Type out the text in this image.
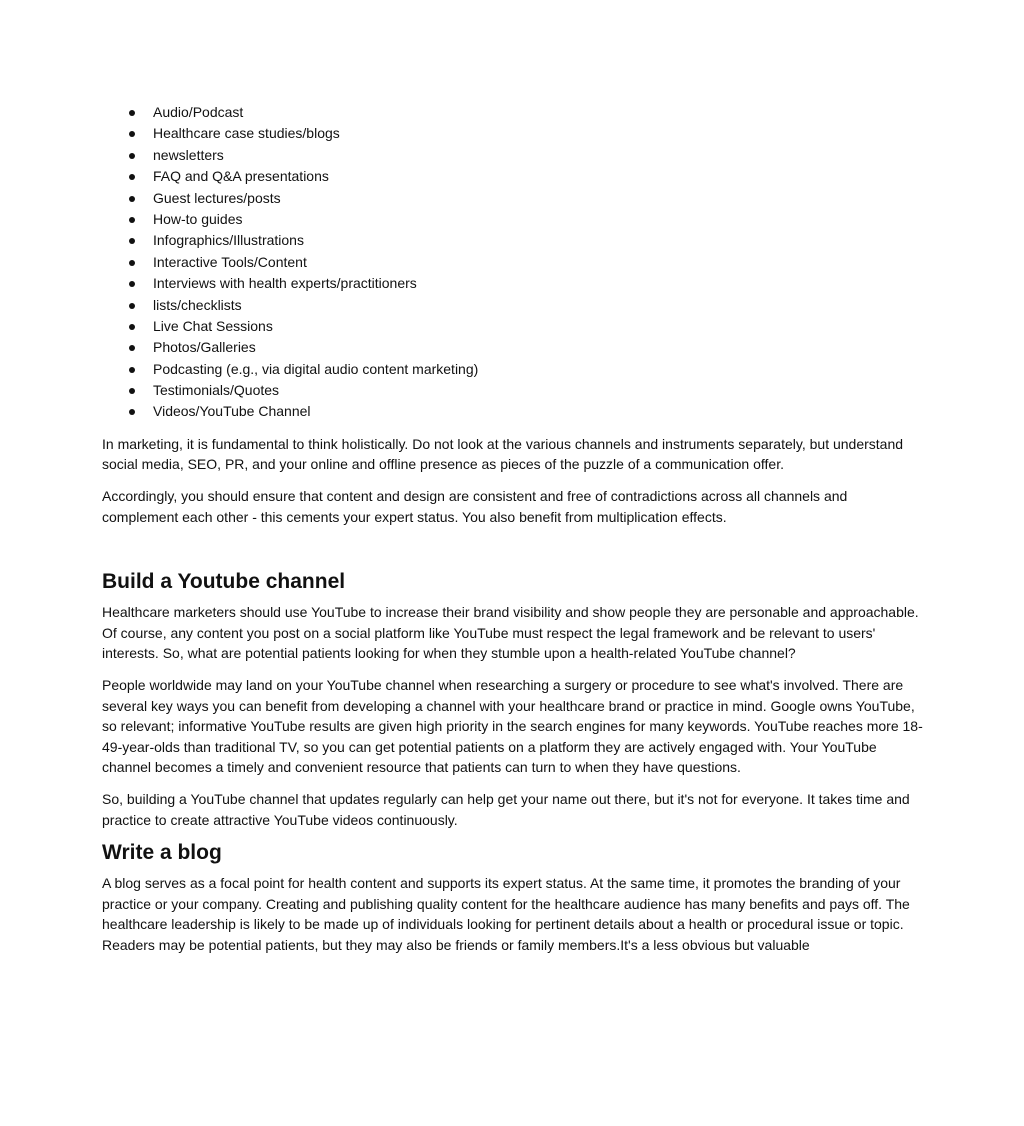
Audio/Podcast
Healthcare case studies/blogs
newsletters
FAQ and Q&A presentations
Guest lectures/posts
How-to guides
Infographics/Illustrations
Interactive Tools/Content
Interviews with health experts/practitioners
lists/checklists
Live Chat Sessions
Photos/Galleries
Podcasting (e.g., via digital audio content marketing)
Testimonials/Quotes
Videos/YouTube Channel

In marketing, it is fundamental to think holistically. Do not look at the various channels and instruments separately, but understand social media, SEO, PR, and your online and offline presence as pieces of the puzzle of a communication offer.

Accordingly, you should ensure that content and design are consistent and free of contradictions across all channels and complement each other - this cements your expert status. You also benefit from multiplication effects.

Build a Youtube channel

Healthcare marketers should use YouTube to increase their brand visibility and show people they are personable and approachable. Of course, any content you post on a social platform like YouTube must respect the legal framework and be relevant to users' interests. So, what are potential patients looking for when they stumble upon a health-related YouTube channel?

People worldwide may land on your YouTube channel when researching a surgery or procedure to see what's involved. There are several key ways you can benefit from developing a channel with your healthcare brand or practice in mind. Google owns YouTube, so relevant; informative YouTube results are given high priority in the search engines for many keywords. YouTube reaches more 18-49-year-olds than traditional TV, so you can get potential patients on a platform they are actively engaged with. Your YouTube channel becomes a timely and convenient resource that patients can turn to when they have questions.

So, building a YouTube channel that updates regularly can help get your name out there, but it's not for everyone. It takes time and practice to create attractive YouTube videos continuously.

Write a blog

A blog serves as a focal point for health content and supports its expert status. At the same time, it promotes the branding of your practice or your company. Creating and publishing quality content for the healthcare audience has many benefits and pays off. The healthcare leadership is likely to be made up of individuals looking for pertinent details about a health or procedural issue or topic. Readers may be potential patients, but they may also be friends or family members.It's a less obvious but valuable
